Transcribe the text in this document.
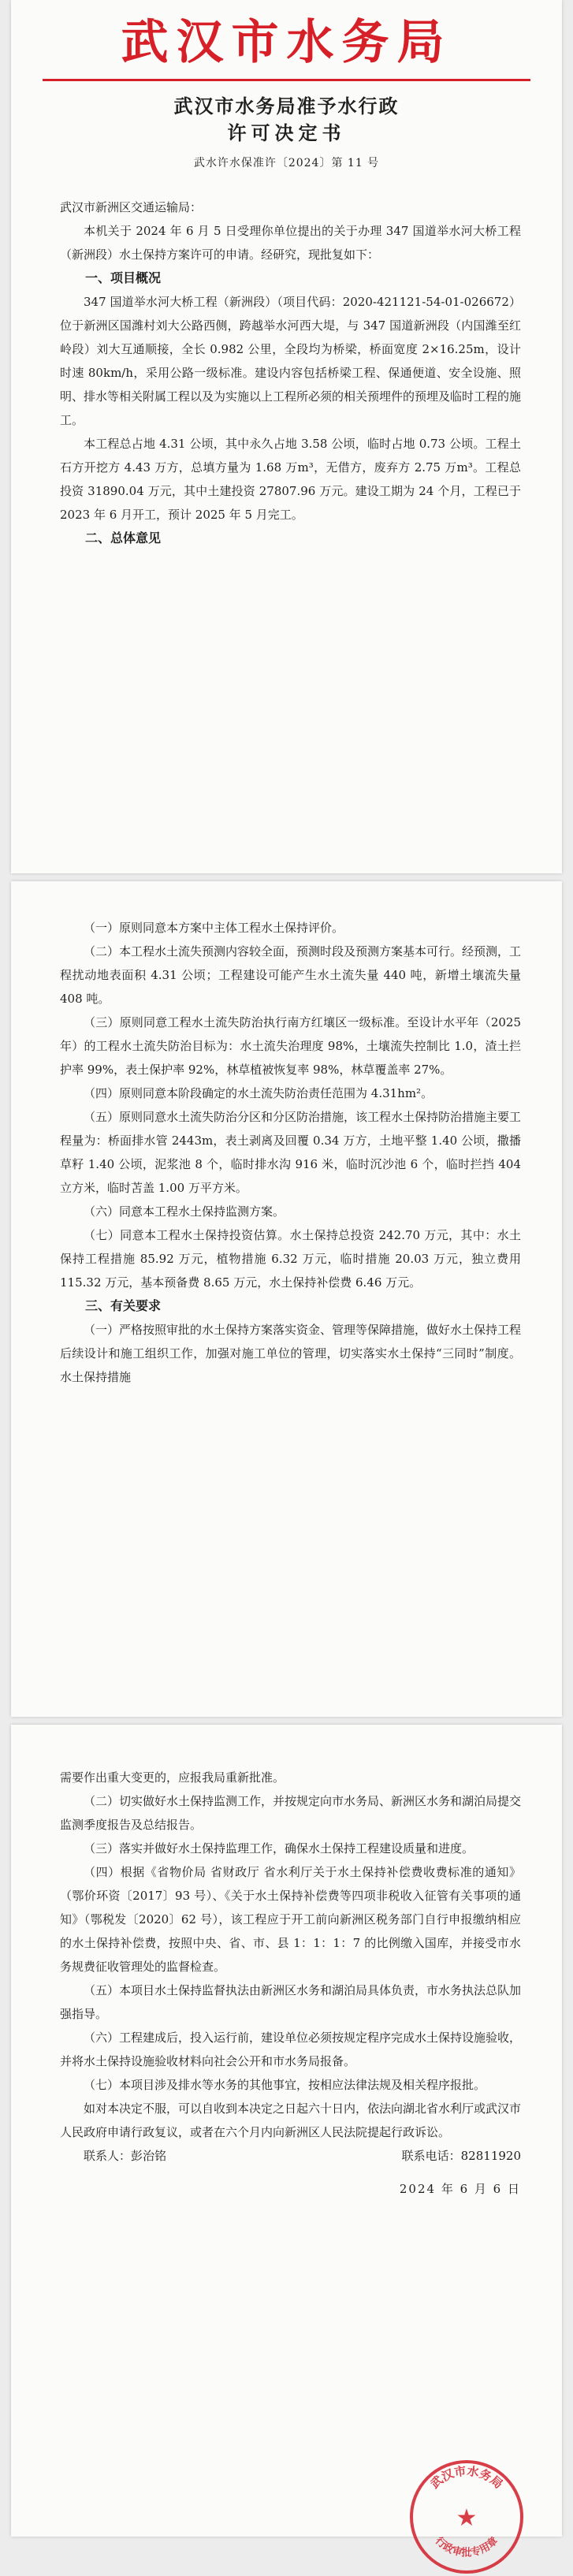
武汉市水务局
武汉市水务局准予水行政
许可决定书
武水许水保准许〔2024〕第 11 号

武汉市新洲区交通运输局：

本机关于 2024 年 6 月 5 日受理你单位提出的关于办理 347 国道举水河大桥工程（新洲段）水土保持方案许可的申请。经研究，现批复如下：

一、项目概况

347 国道举水河大桥工程（新洲段）（项目代码：2020-421121-54-01-026672）位于新洲区国潍村刘大公路西侧，跨越举水河西大堤，与 347 国道新洲段（内国潍至红岭段）刘大互通顺接，全长 0.982 公里，全段均为桥梁，桥面宽度 2×16.25m，设计时速 80km/h，采用公路一级标准。建设内容包括桥梁工程、保通便道、安全设施、照明、排水等相关附属工程以及为实施以上工程所必须的相关预埋件的预埋及临时工程的施工。

本工程总占地 4.31 公顷，其中永久占地 3.58 公顷，临时占地 0.73 公顷。工程土石方开挖方 4.43 万方，总填方量为 1.68 万m³，无借方，废弃方 2.75 万m³。工程总投资 31890.04 万元，其中土建投资 27807.96 万元。建设工期为 24 个月，工程已于 2023 年 6 月开工，预计 2025 年 5 月完工。

二、总体意见

（一）原则同意本方案中主体工程水土保持评价。

（二）本工程水土流失预测内容较全面，预测时段及预测方案基本可行。经预测，工程扰动地表面积 4.31 公顷；工程建设可能产生水土流失量 440 吨，新增土壤流失量 408 吨。

（三）原则同意工程水土流失防治执行南方红壤区一级标准。至设计水平年（2025 年）的工程水土流失防治目标为：水土流失治理度 98%，土壤流失控制比 1.0，渣土拦护率 99%，表土保护率 92%，林草植被恢复率 98%，林草覆盖率 27%。

（四）原则同意本阶段确定的水土流失防治责任范围为 4.31hm²。

（五）原则同意水土流失防治分区和分区防治措施，该工程水土保持防治措施主要工程量为：桥面排水管 2443m，表土剥离及回覆 0.34 万方，土地平整 1.40 公顷，撒播草籽 1.40 公顷，泥浆池 8 个，临时排水沟 916 米，临时沉沙池 6 个，临时拦挡 404 立方米，临时苫盖 1.00 万平方米。

（六）同意本工程水土保持监测方案。

（七）同意本工程水土保持投资估算。水土保持总投资 242.70 万元，其中：水土保持工程措施 85.92 万元，植物措施 6.32 万元，临时措施 20.03 万元，独立费用 115.32 万元，基本预备费 8.65 万元，水土保持补偿费 6.46 万元。

三、有关要求

（一）严格按照审批的水土保持方案落实资金、管理等保障措施，做好水土保持工程后续设计和施工组织工作，加强对施工单位的管理，切实落实水土保持“三同时”制度。水土保持措施

需要作出重大变更的，应报我局重新批准。

（二）切实做好水土保持监测工作，并按规定向市水务局、新洲区水务和湖泊局提交监测季度报告及总结报告。

（三）落实并做好水土保持监理工作，确保水土保持工程建设质量和进度。

（四）根据《省物价局 省财政厅 省水利厅关于水土保持补偿费收费标准的通知》（鄂价环资〔2017〕93 号）、《关于水土保持补偿费等四项非税收入征管有关事项的通知》（鄂税发〔2020〕62 号），该工程应于开工前向新洲区税务部门自行申报缴纳相应的水土保持补偿费，按照中央、省、市、县 1：1：1：7 的比例缴入国库，并接受市水务规费征收管理处的监督检查。

（五）本项目水土保持监督执法由新洲区水务和湖泊局具体负责，市水务执法总队加强指导。

（六）工程建成后，投入运行前，建设单位必须按规定程序完成水土保持设施验收，并将水土保持设施验收材料向社会公开和市水务局报备。

（七）本项目涉及排水等水务的其他事宜，按相应法律法规及相关程序报批。

如对本决定不服，可以自收到本决定之日起六十日内，依法向湖北省水利厅或武汉市人民政府申请行政复议，或者在六个月内向新洲区人民法院提起行政诉讼。

联系人：彭治铭	联系电话：82811920
2024 年 6 月 6 日
武汉市水务局
★
行政审批专用章
